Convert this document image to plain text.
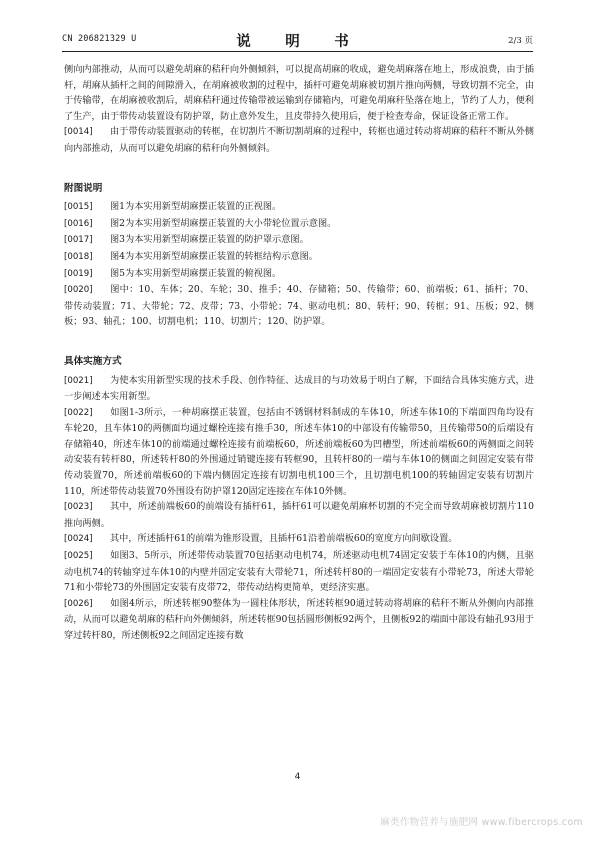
CN 206821329 U	说　明　书	2/3 页

侧向内部推动，从而可以避免胡麻的秸秆向外侧倾斜，可以提高胡麻的收成，避免胡麻落在地上，形成浪费，由于插杆，胡麻从插杆之间的间隙滑入，在胡麻被收割的过程中，插杆可避免胡麻被切割片推向两侧，导致切割不完全，由于传输带，在胡麻被收割后，胡麻秸秆通过传输带被运输到存储箱内，可避免胡麻秆坠落在地上，节约了人力，便利了生产，由于带传动装置设有防护罩，防止意外发生，且皮带持久使用后，便于检查寿命，保证设备正常工作。

[0014] 由于带传动装置驱动的转框，在切割片不断切割胡麻的过程中，转框也通过转动将胡麻的秸秆不断从外侧向内部推动，从而可以避免胡麻的秸秆向外侧倾斜。

附图说明

[0015] 图1为本实用新型胡麻摆正装置的正视图。

[0016] 图2为本实用新型胡麻摆正装置的大小带轮位置示意图。

[0017] 图3为本实用新型胡麻摆正装置的防护罩示意图。

[0018] 图4为本实用新型胡麻摆正装置的转框结构示意图。

[0019] 图5为本实用新型胡麻摆正装置的俯视图。

[0020] 图中：10、车体；20、车轮；30、推手；40、存储箱；50、传输带；60、前端板；61、插杆；70、带传动装置；71、大带轮；72、皮带；73、小带轮；74、驱动电机；80、转杆；90、转框；91、压板；92、侧板；93、轴孔；100、切割电机；110、切割片；120、防护罩。

具体实施方式

[0021] 为使本实用新型实现的技术手段、创作特征、达成目的与功效易于明白了解，下面结合具体实施方式，进一步阐述本实用新型。

[0022] 如图1-3所示，一种胡麻摆正装置，包括由不锈钢材料制成的车体10，所述车体10的下端面四角均设有车轮20，且车体10的两侧面均通过螺栓连接有推手30，所述车体10的中部设有传输带50，且传输带50的后端设有存储箱40，所述车体10的前端通过螺栓连接有前端板60，所述前端板60为凹槽型，所述前端板60的两侧面之间转动安装有转杆80，所述转杆80的外围通过销键连接有转框90，且转杆80的一端与车体10的侧面之间固定安装有带传动装置70，所述前端板60的下端内侧固定连接有切割电机100三个，且切割电机100的转轴固定安装有切割片110，所述带传动装置70外围设有防护罩120固定连接在车体10外侧。

[0023] 其中，所述前端板60的前端设有插杆61，插杆61可以避免胡麻杯切割的不完全而导致胡麻被切割片110推向两侧。

[0024] 其中，所述插杆61的前端为锥形设置，且插杆61沿着前端板60的宽度方向间歇设置。

[0025] 如图3、5所示，所述带传动装置70包括驱动电机74，所述驱动电机74固定安装于车体10的内侧，且驱动电机74的转轴穿过车体10的内壁并固定安装有大带轮71，所述转杆80的一端固定安装有小带轮73，所述大带轮71和小带轮73的外围固定安装有皮带72，带传动结构更简单，更经济实惠。

[0026] 如图4所示，所述转框90整体为一圆柱体形状，所述转框90通过转动将胡麻的秸秆不断从外侧向内部推动，从而可以避免胡麻的秸秆向外侧倾斜，所述转框90包括圆形侧板92两个，且侧板92的端面中部设有轴孔93用于穿过转杆80，所述侧板92之间固定连接有数

4
麻类作物营养与施肥网 www.fibercrops.com
